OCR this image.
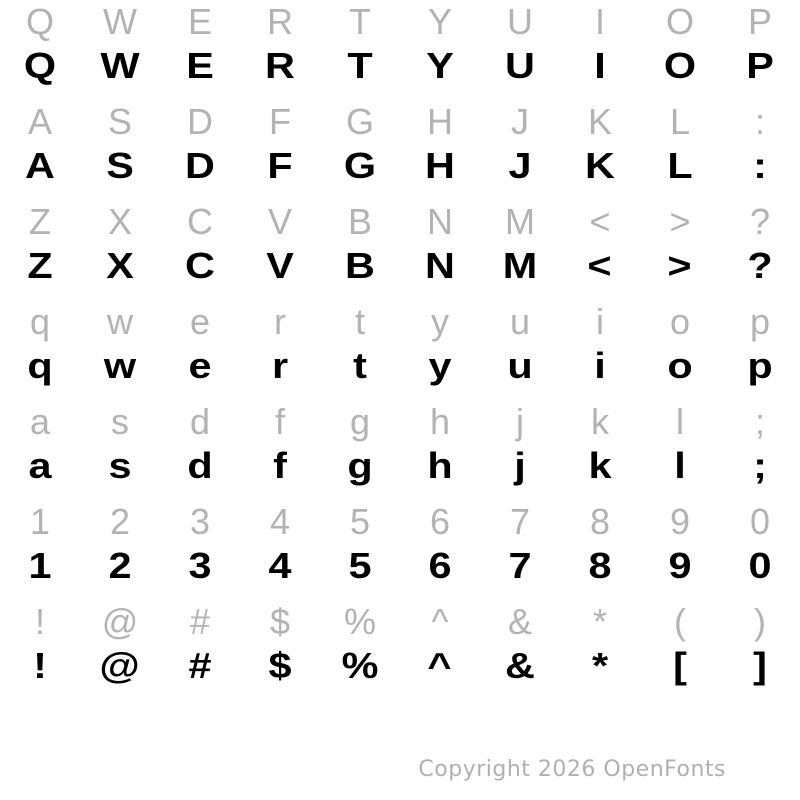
Q W E R T Y U I O P
Q W E R T Y U I O P
A S D F G H J K L :
A S D F G H J K L :
Z X C V B N M < > ?
Z X C V B N M < > ?
q w e r t y u i o p
q w e r t y u i o p
a s d f g h j k l ;
a s d f g h j k l ;
1 2 3 4 5 6 7 8 9 0
1 2 3 4 5 6 7 8 9 0
! @ # $ % ^ & * ( )
! @ # $ % ^ & * [ ]
Copyright 2026 OpenFonts
